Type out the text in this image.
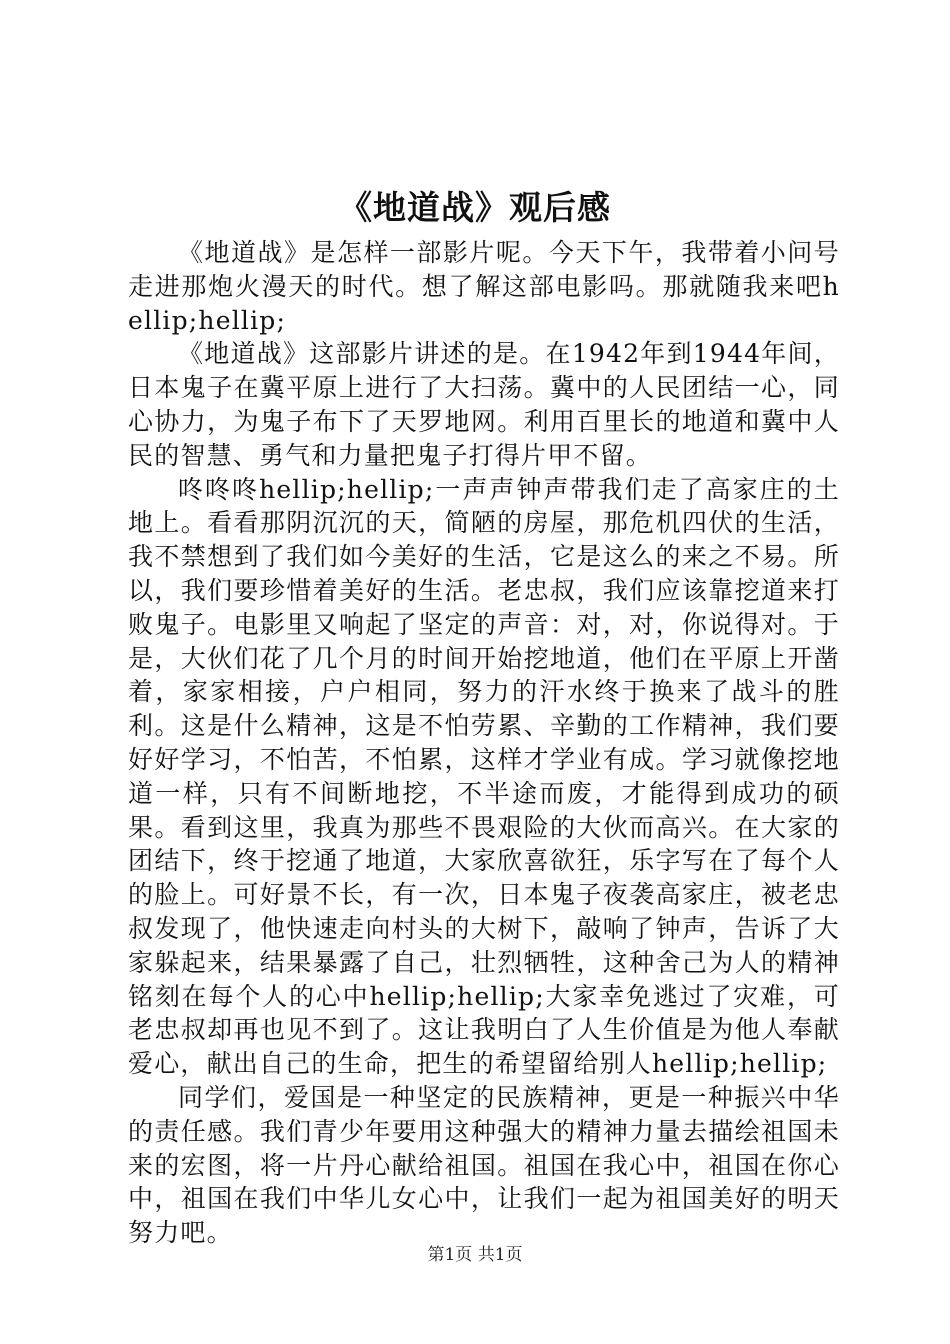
《地道战》观后感

《地道战》是怎样一部影片呢。今天下午，我带着小问号走进那炮火漫天的时代。想了解这部电影吗。那就随我来吧hellip;hellip;

《地道战》这部影片讲述的是。在1942年到1944年间，日本鬼子在冀平原上进行了大扫荡。冀中的人民团结一心，同心协力，为鬼子布下了天罗地网。利用百里长的地道和冀中人民的智慧、勇气和力量把鬼子打得片甲不留。

咚咚咚hellip;hellip;一声声钟声带我们走了高家庄的土地上。看看那阴沉沉的天，简陋的房屋，那危机四伏的生活，我不禁想到了我们如今美好的生活，它是这么的来之不易。所以，我们要珍惜着美好的生活。老忠叔，我们应该靠挖道来打败鬼子。电影里又响起了坚定的声音：对，对，你说得对。于是，大伙们花了几个月的时间开始挖地道，他们在平原上开凿着，家家相接，户户相同，努力的汗水终于换来了战斗的胜利。这是什么精神，这是不怕劳累、辛勤的工作精神，我们要好好学习，不怕苦，不怕累，这样才学业有成。学习就像挖地道一样，只有不间断地挖，不半途而废，才能得到成功的硕果。看到这里，我真为那些不畏艰险的大伙而高兴。在大家的团结下，终于挖通了地道，大家欣喜欲狂，乐字写在了每个人的脸上。可好景不长，有一次，日本鬼子夜袭高家庄，被老忠叔发现了，他快速走向村头的大树下，敲响了钟声，告诉了大家躲起来，结果暴露了自己，壮烈牺牲，这种舍己为人的精神铭刻在每个人的心中hellip;hellip;大家幸免逃过了灾难，可老忠叔却再也见不到了。这让我明白了人生价值是为他人奉献爱心，献出自己的生命，把生的希望留给别人hellip;hellip;

同学们，爱国是一种坚定的民族精神，更是一种振兴中华的责任感。我们青少年要用这种强大的精神力量去描绘祖国未来的宏图，将一片丹心献给祖国。祖国在我心中，祖国在你心中，祖国在我们中华儿女心中，让我们一起为祖国美好的明天努力吧。

第1页 共1页
